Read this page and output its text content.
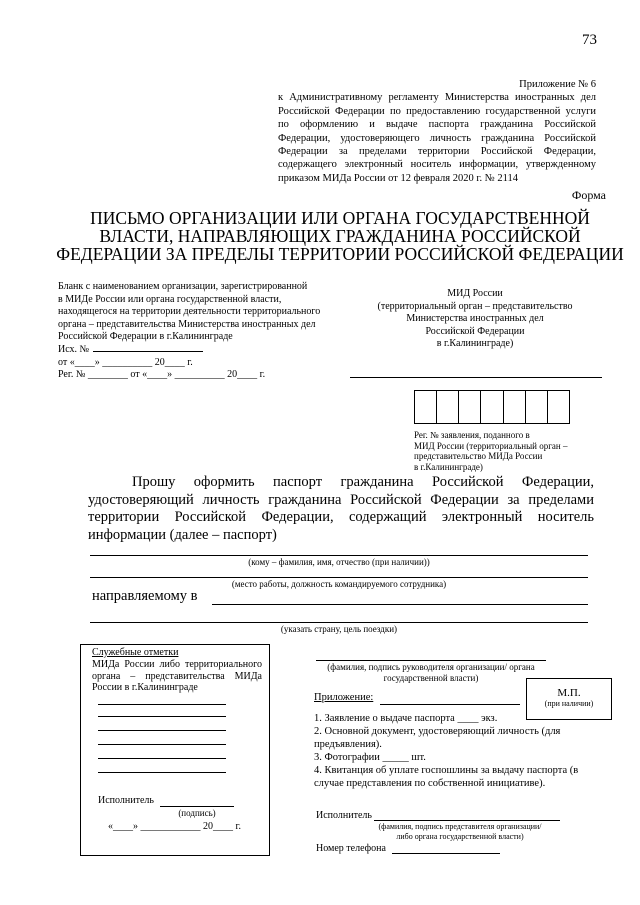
73
Приложение № 6
к Административному регламенту Министерства иностранных дел Российской Федерации по предоставлению государственной услуги по оформлению и выдаче паспорта гражданина Российской Федерации, удостоверяющего личность гражданина Российской Федерации за пределами территории Российской Федерации, содержащего электронный носитель информации, утвержденному приказом МИДа России от 12 февраля 2020 г. № 2114
Форма
ПИСЬМО ОРГАНИЗАЦИИ ИЛИ ОРГАНА ГОСУДАРСТВЕННОЙ
ВЛАСТИ, НАПРАВЛЯЮЩИХ ГРАЖДАНИНА РОССИЙСКОЙ
ФЕДЕРАЦИИ ЗА ПРЕДЕЛЫ ТЕРРИТОРИИ РОССИЙСКОЙ ФЕДЕРАЦИИ
Бланк с наименованием организации, зарегистрированной
в МИДе России или органа государственной власти,
находящегося на территории деятельности территориального
органа – представительства Министерства иностранных дел
Российской Федерации в г.Калининграде
Исх. №
от «____» __________ 20____ г.
Рег. № ________ от «____» __________ 20____ г.
МИД России
(территориальный орган – представительство
Министерства иностранных дел
Российской Федерации
в г.Калининграде)
Рег. № заявления, поданного в
МИД России (территориальный орган –
представительство МИДа России
в г.Калининграде)
Прошу оформить паспорт гражданина Российской Федерации, удостоверяющий личность гражданина Российской Федерации за пределами территории Российской Федерации, содержащий электронный носитель информации (далее – паспорт)
(кому – фамилия, имя, отчество (при наличии))
(место работы, должность командируемого сотрудника)
направляемому в
(указать страну, цель поездки)
Служебные отметки
МИДа России либо территориального органа – представительства МИДа России в г.Калининграде
Исполнитель
(подпись)
«____» ____________ 20____ г.
(фамилия, подпись руководителя организации/ органа
государственной власти)
М.П.
(при наличии)
Приложение:
1. Заявление о выдаче паспорта ____ экз.
2. Основной документ, удостоверяющий личность (для предъявления).
3. Фотографии _____ шт.
4. Квитанция об уплате госпошлины за выдачу паспорта (в случае представления по собственной инициативе).
Исполнитель
(фамилия, подпись представителя организации/
либо органа государственной власти)
Номер телефона
